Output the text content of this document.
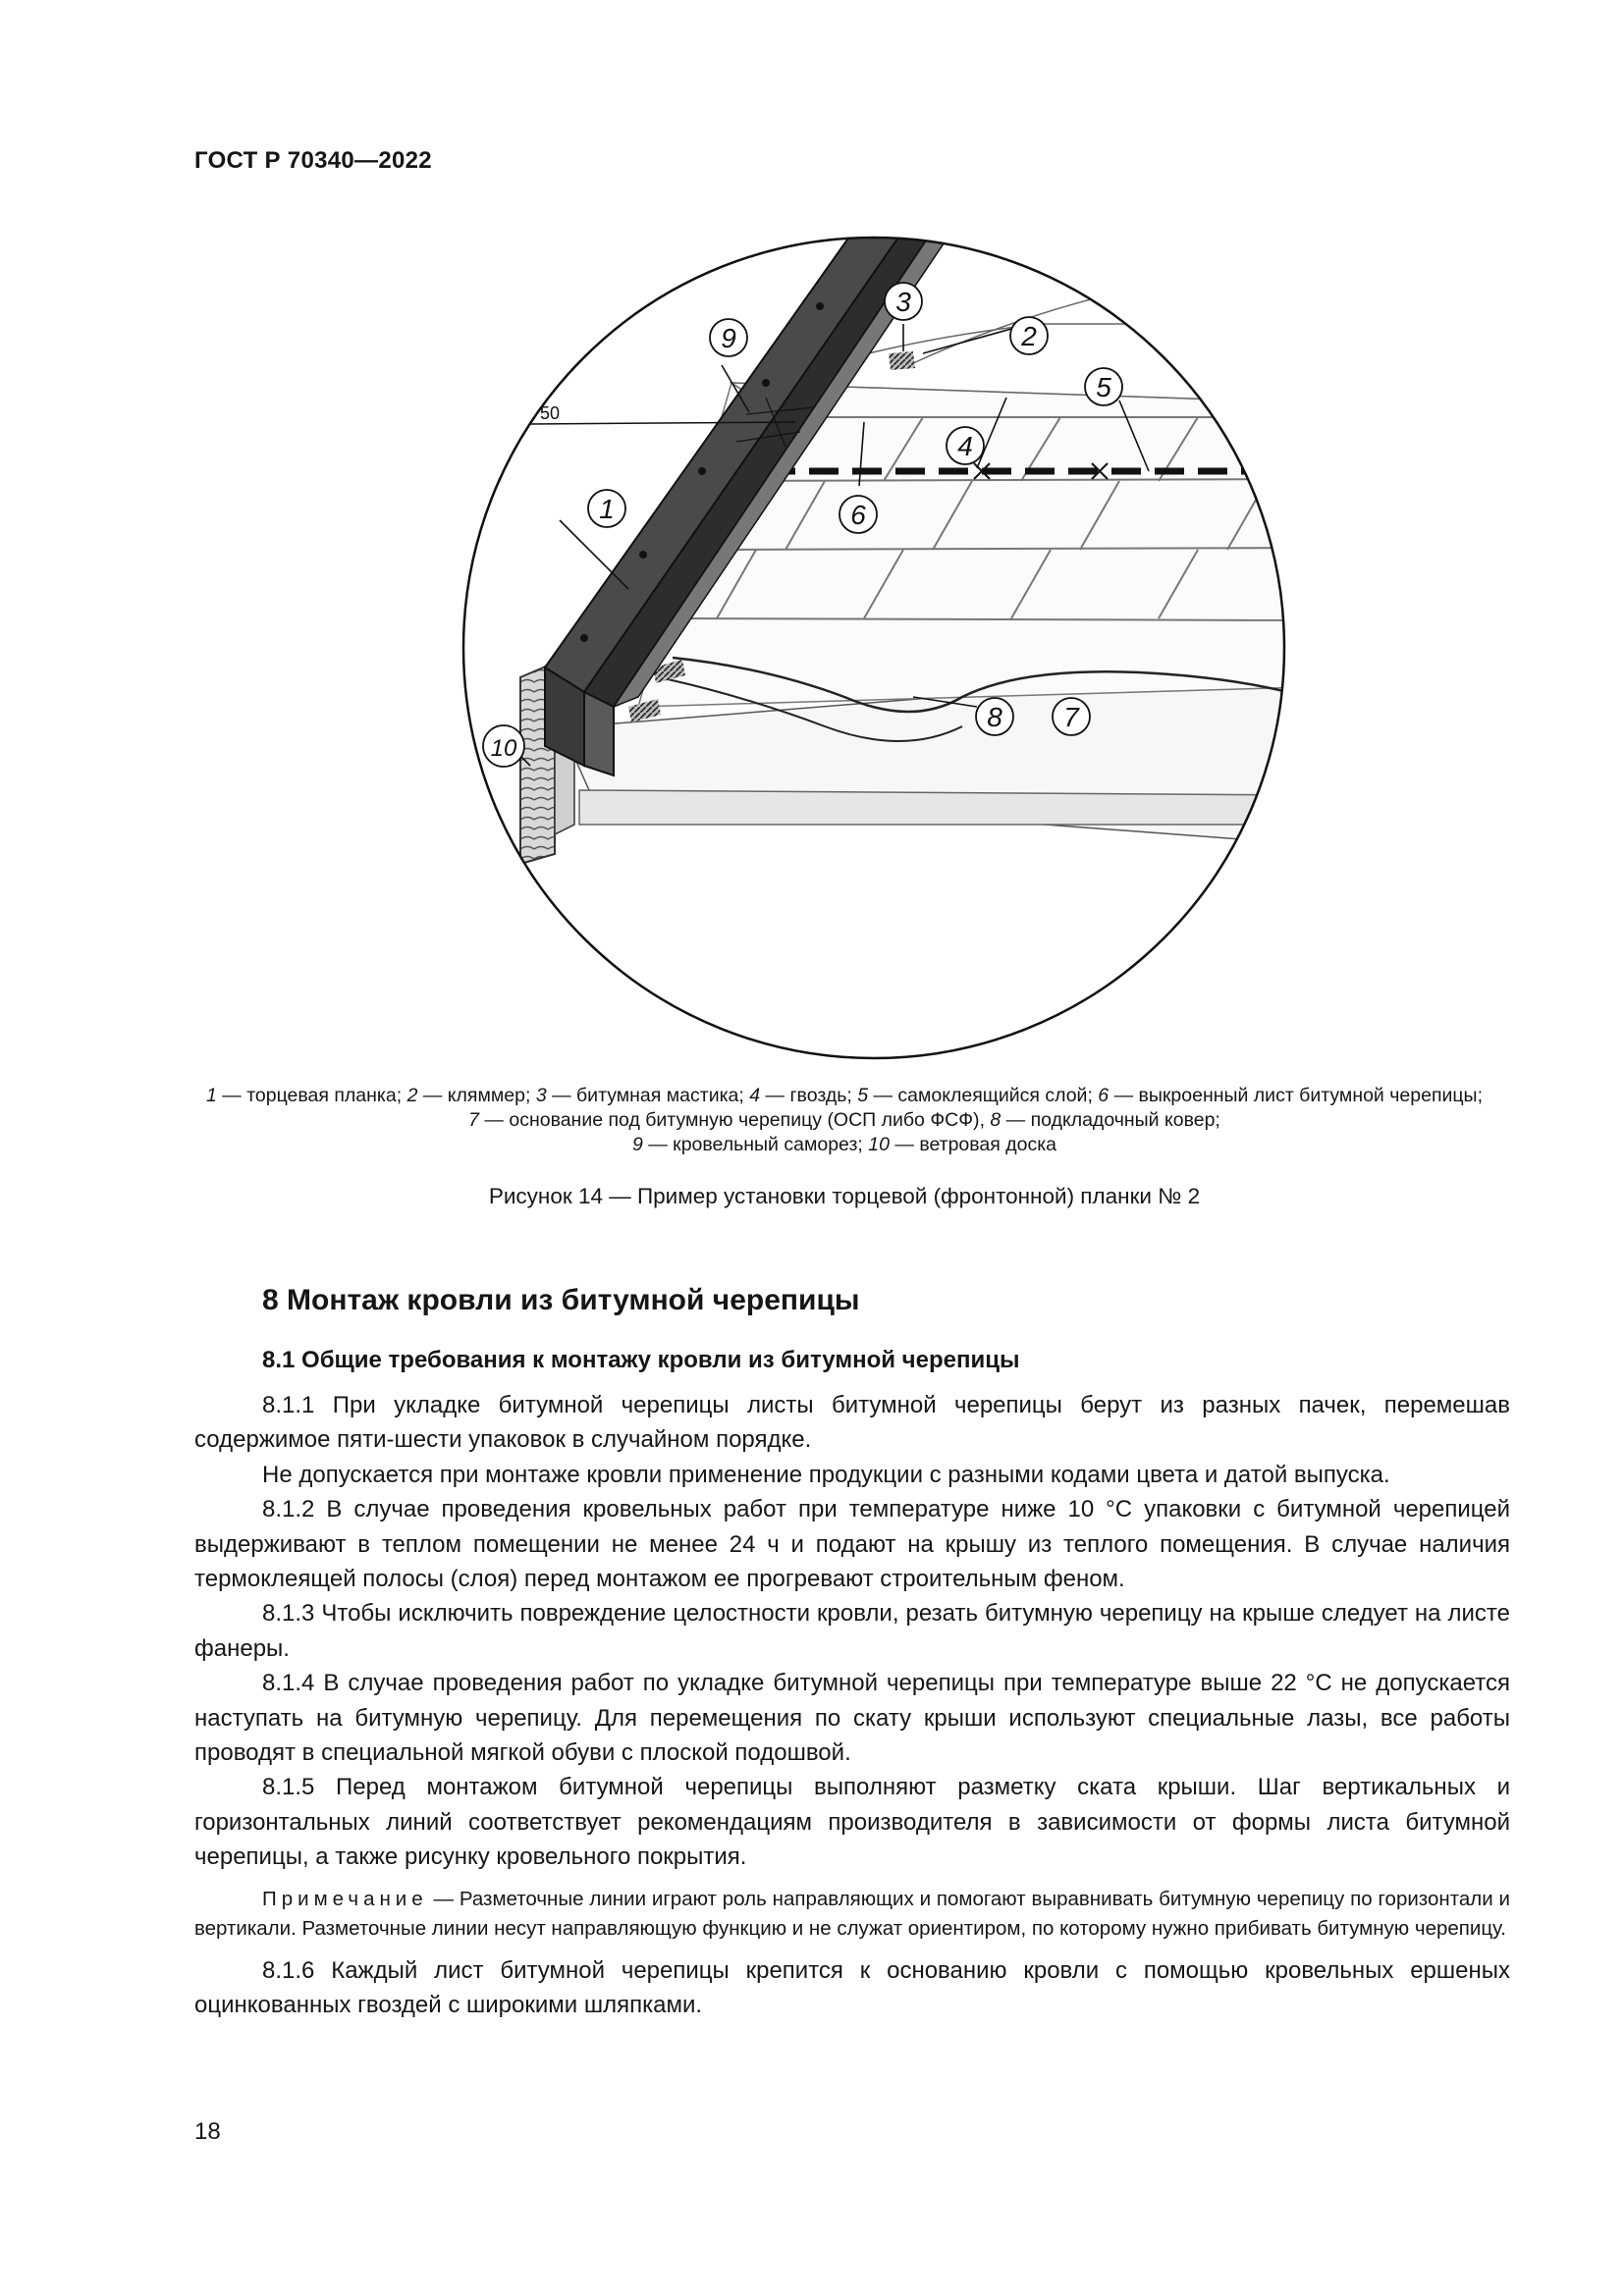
ГОСТ Р 70340—2022
50
1
2
3
4
5
6
7
8
9
10
1 — торцевая планка; 2 — кляммер; 3 — битумная мастика; 4 — гвоздь; 5 — самоклеящийся слой; 6 — выкроенный лист битумной черепицы; 7 — основание под битумную черепицу (ОСП либо ФСФ), 8 — подкладочный ковер;
9 — кровельный саморез; 10 — ветровая доска
Рисунок 14 — Пример установки торцевой (фронтонной) планки № 2
8 Монтаж кровли из битумной черепицы
8.1 Общие требования к монтажу кровли из битумной черепицы

8.1.1 При укладке битумной черепицы листы битумной черепицы берут из разных пачек, перемешав содержимое пяти-шести упаковок в случайном порядке.

Не допускается при монтаже кровли применение продукции с разными кодами цвета и датой выпуска.

8.1.2 В случае проведения кровельных работ при температуре ниже 10 °С упаковки с битумной черепицей выдерживают в теплом помещении не менее 24 ч и подают на крышу из теплого помещения. В случае наличия термоклеящей полосы (слоя) перед монтажом ее прогревают строительным феном.

8.1.3 Чтобы исключить повреждение целостности кровли, резать битумную черепицу на крыше следует на листе фанеры.

8.1.4 В случае проведения работ по укладке битумной черепицы при температуре выше 22 °С не допускается наступать на битумную черепицу. Для перемещения по скату крыши используют специальные лазы, все работы проводят в специальной мягкой обуви с плоской подошвой.

8.1.5 Перед монтажом битумной черепицы выполняют разметку ската крыши. Шаг вертикальных и горизонтальных линий соответствует рекомендациям производителя в зависимости от формы листа битумной черепицы, а также рисунку кровельного покрытия.

Примечание — Разметочные линии играют роль направляющих и помогают выравнивать битумную черепицу по горизонтали и вертикали. Разметочные линии несут направляющую функцию и не служат ориентиром, по которому нужно прибивать битумную черепицу.

8.1.6 Каждый лист битумной черепицы крепится к основанию кровли с помощью кровельных ершеных оцинкованных гвоздей с широкими шляпками.

18
